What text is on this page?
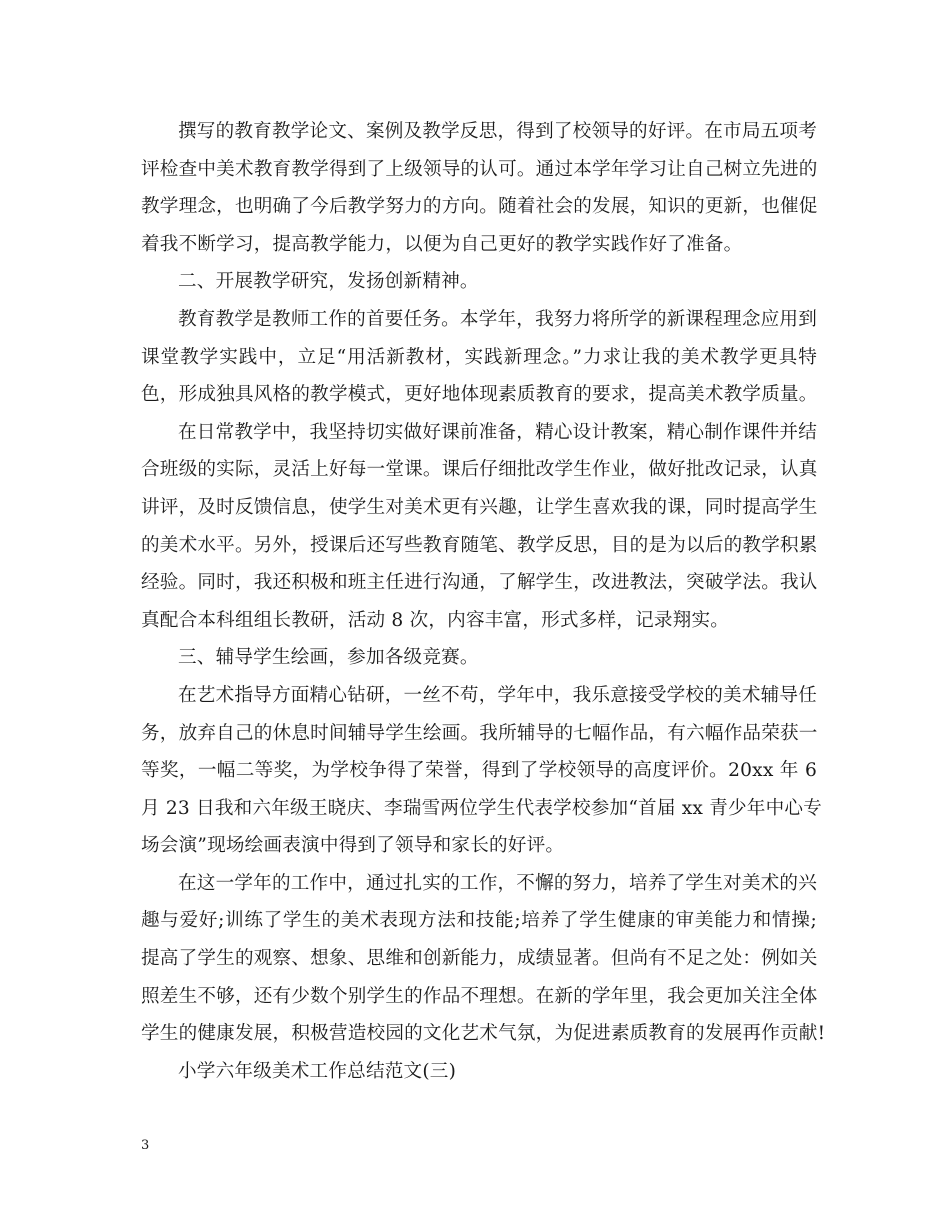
撰写的教育教学论文、案例及教学反思，得到了校领导的好评。在市局五项考
评检查中美术教育教学得到了上级领导的认可。通过本学年学习让自己树立先进的
教学理念，也明确了今后教学努力的方向。随着社会的发展，知识的更新，也催促
着我不断学习，提高教学能力，以便为自己更好的教学实践作好了准备。
二、开展教学研究，发扬创新精神。
教育教学是教师工作的首要任务。本学年，我努力将所学的新课程理念应用到
课堂教学实践中，立足“用活新教材，实践新理念。”力求让我的美术教学更具特
色，形成独具风格的教学模式，更好地体现素质教育的要求，提高美术教学质量。
在日常教学中，我坚持切实做好课前准备，精心设计教案，精心制作课件并结
合班级的实际，灵活上好每一堂课。课后仔细批改学生作业，做好批改记录，认真
讲评，及时反馈信息，使学生对美术更有兴趣，让学生喜欢我的课，同时提高学生
的美术水平。另外，授课后还写些教育随笔、教学反思，目的是为以后的教学积累
经验。同时，我还积极和班主任进行沟通，了解学生，改进教法，突破学法。我认
真配合本科组组长教研，活动 8 次，内容丰富，形式多样，记录翔实。
三、辅导学生绘画，参加各级竞赛。
在艺术指导方面精心钻研，一丝不苟，学年中，我乐意接受学校的美术辅导任
务，放弃自己的休息时间辅导学生绘画。我所辅导的七幅作品，有六幅作品荣获一
等奖，一幅二等奖，为学校争得了荣誉，得到了学校领导的高度评价。20xx 年 6
月 23 日我和六年级王晓庆、李瑞雪两位学生代表学校参加“首届 xx 青少年中心专
场会演”现场绘画表演中得到了领导和家长的好评。
在这一学年的工作中，通过扎实的工作，不懈的努力，培养了学生对美术的兴
趣与爱好;训练了学生的美术表现方法和技能;培养了学生健康的审美能力和情操;
提高了学生的观察、想象、思维和创新能力，成绩显著。但尚有不足之处：例如关
照差生不够，还有少数个别学生的作品不理想。在新的学年里，我会更加关注全体
学生的健康发展，积极营造校园的文化艺术气氛，为促进素质教育的发展再作贡献!
小学六年级美术工作总结范文(三)
3
